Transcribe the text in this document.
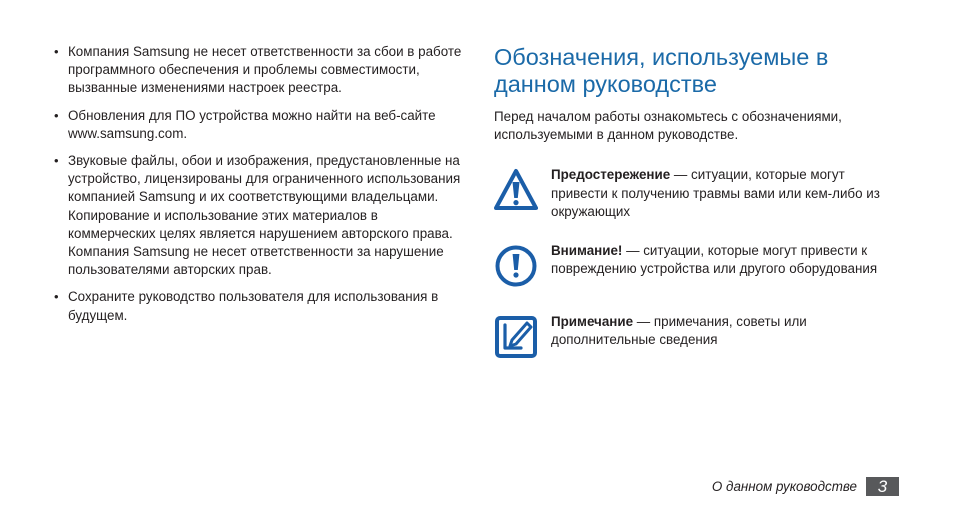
• Компания Samsung не несет ответственности за сбои в работе программного обеспечения и проблемы совместимости, вызванные изменениями настроек реестра.
• Обновления для ПО устройства можно найти на веб-сайте www.samsung.com.
• Звуковые файлы, обои и изображения, предустановленные на устройство, лицензированы для ограниченного использования компанией Samsung и их соответствующими владельцами. Копирование и использование этих материалов в коммерческих целях является нарушением авторского права. Компания Samsung не несет ответственности за нарушение пользователями авторских прав.
• Сохраните руководство пользователя для использования в будущем.
Обозначения, используемые в данном руководстве

Перед началом работы ознакомьтесь с обозначениями, используемыми в данном руководстве.

Предостережение — ситуации, которые могут привести к получению травмы вами или кем-либо из окружающих

Внимание! — ситуации, которые могут привести к повреждению устройства или другого оборудования

Примечание — примечания, советы или дополнительные сведения

О данном руководстве	3
